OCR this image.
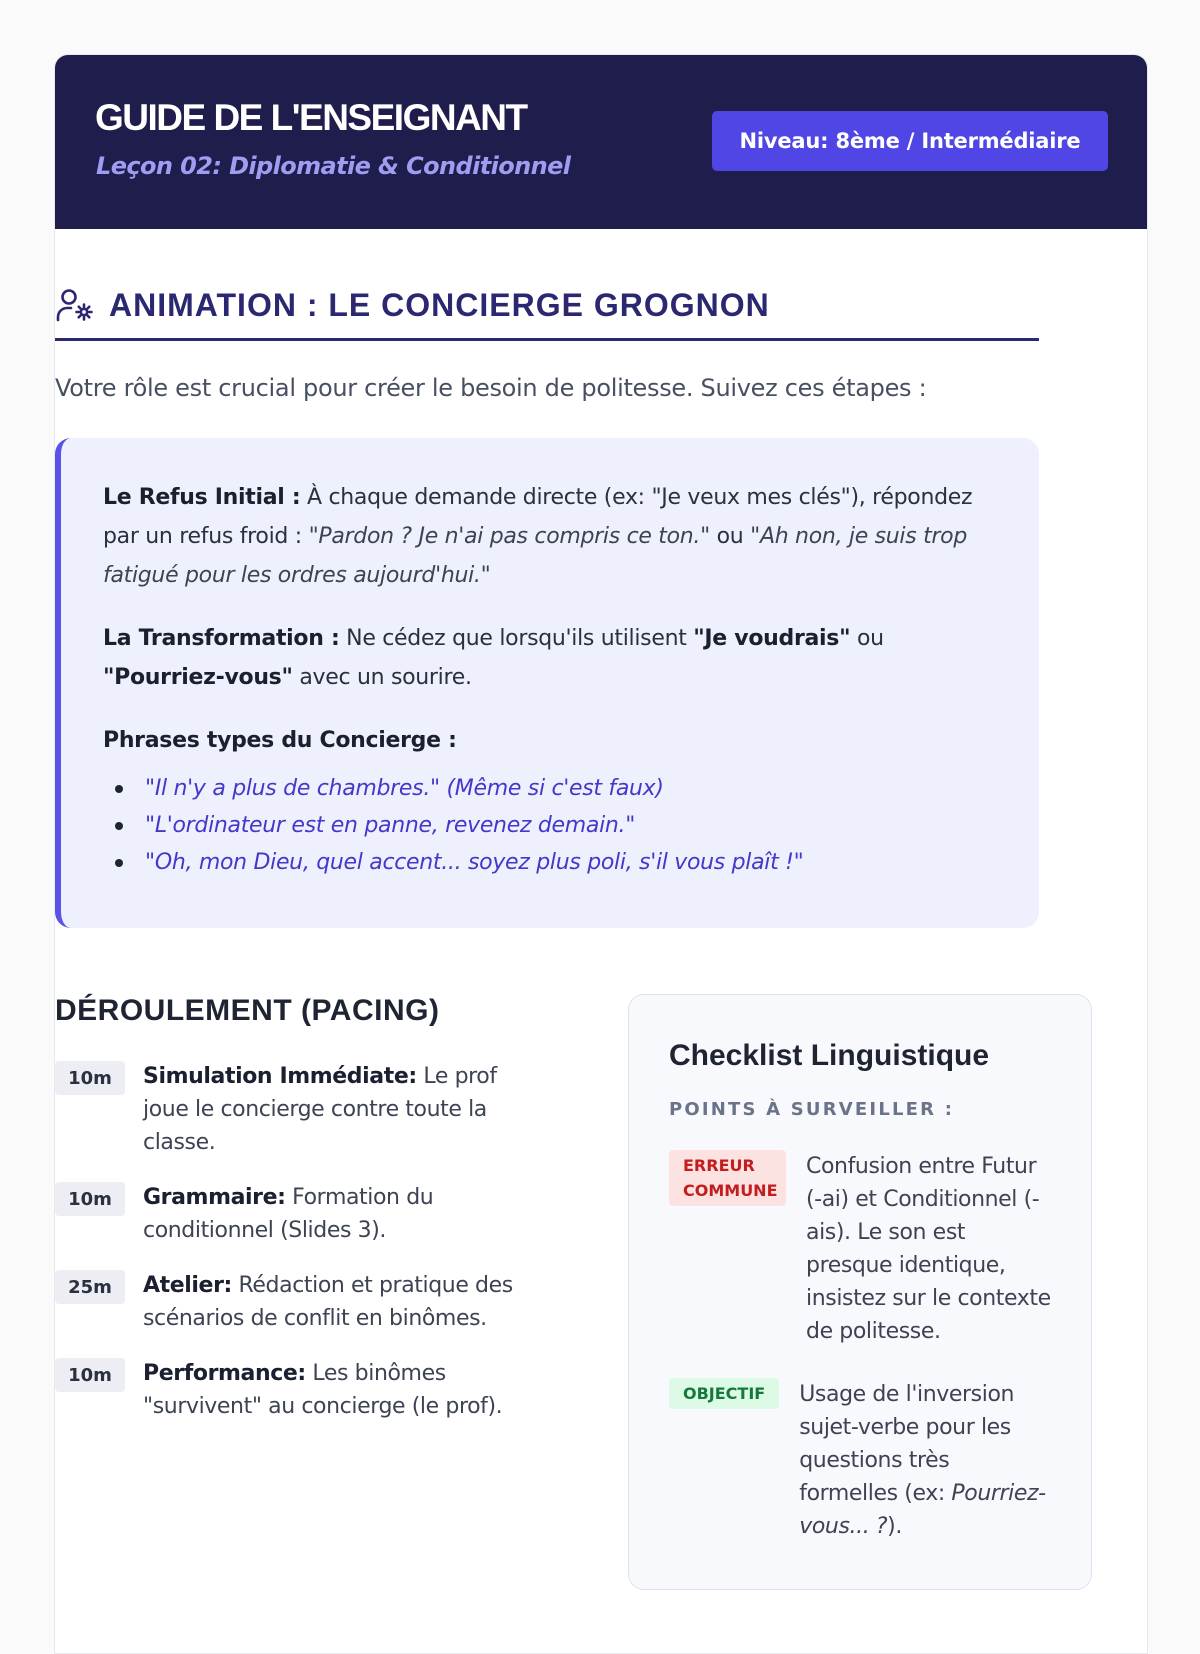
GUIDE DE L'ENSEIGNANT
Leçon 02: Diplomatie & Conditionnel
Niveau: 8ème / Intermédiaire
ANIMATION : LE CONCIERGE GROGNON
Votre rôle est crucial pour créer le besoin de politesse. Suivez ces étapes :

Le Refus Initial : À chaque demande directe (ex: "Je veux mes clés"), répondez par un refus froid : "Pardon ? Je n'ai pas compris ce ton." ou "Ah non, je suis trop fatigué pour les ordres aujourd'hui."

La Transformation : Ne cédez que lorsqu'ils utilisent "Je voudrais" ou "Pourriez-vous" avec un sourire.

Phrases types du Concierge :

"Il n'y a plus de chambres." (Même si c'est faux)
"L'ordinateur est en panne, revenez demain."
"Oh, mon Dieu, quel accent... soyez plus poli, s'il vous plaît !"
DÉROULEMENT (PACING)
10m	Simulation Immédiate: Le prof joue le concierge contre toute la classe.
10m	Grammaire: Formation du conditionnel (Slides 3).
25m	Atelier: Rédaction et pratique des scénarios de conflit en binômes.
10m	Performance: Les binômes "survivent" au concierge (le prof).
Checklist Linguistique
POINTS À SURVEILLER :
ERREUR COMMUNE
Confusion entre Futur (-ai) et Conditionnel (-ais). Le son est presque identique, insistez sur le contexte de politesse.
OBJECTIF	Usage de l'inversion sujet-verbe pour les questions très formelles (ex: Pourriez-vous... ?).
